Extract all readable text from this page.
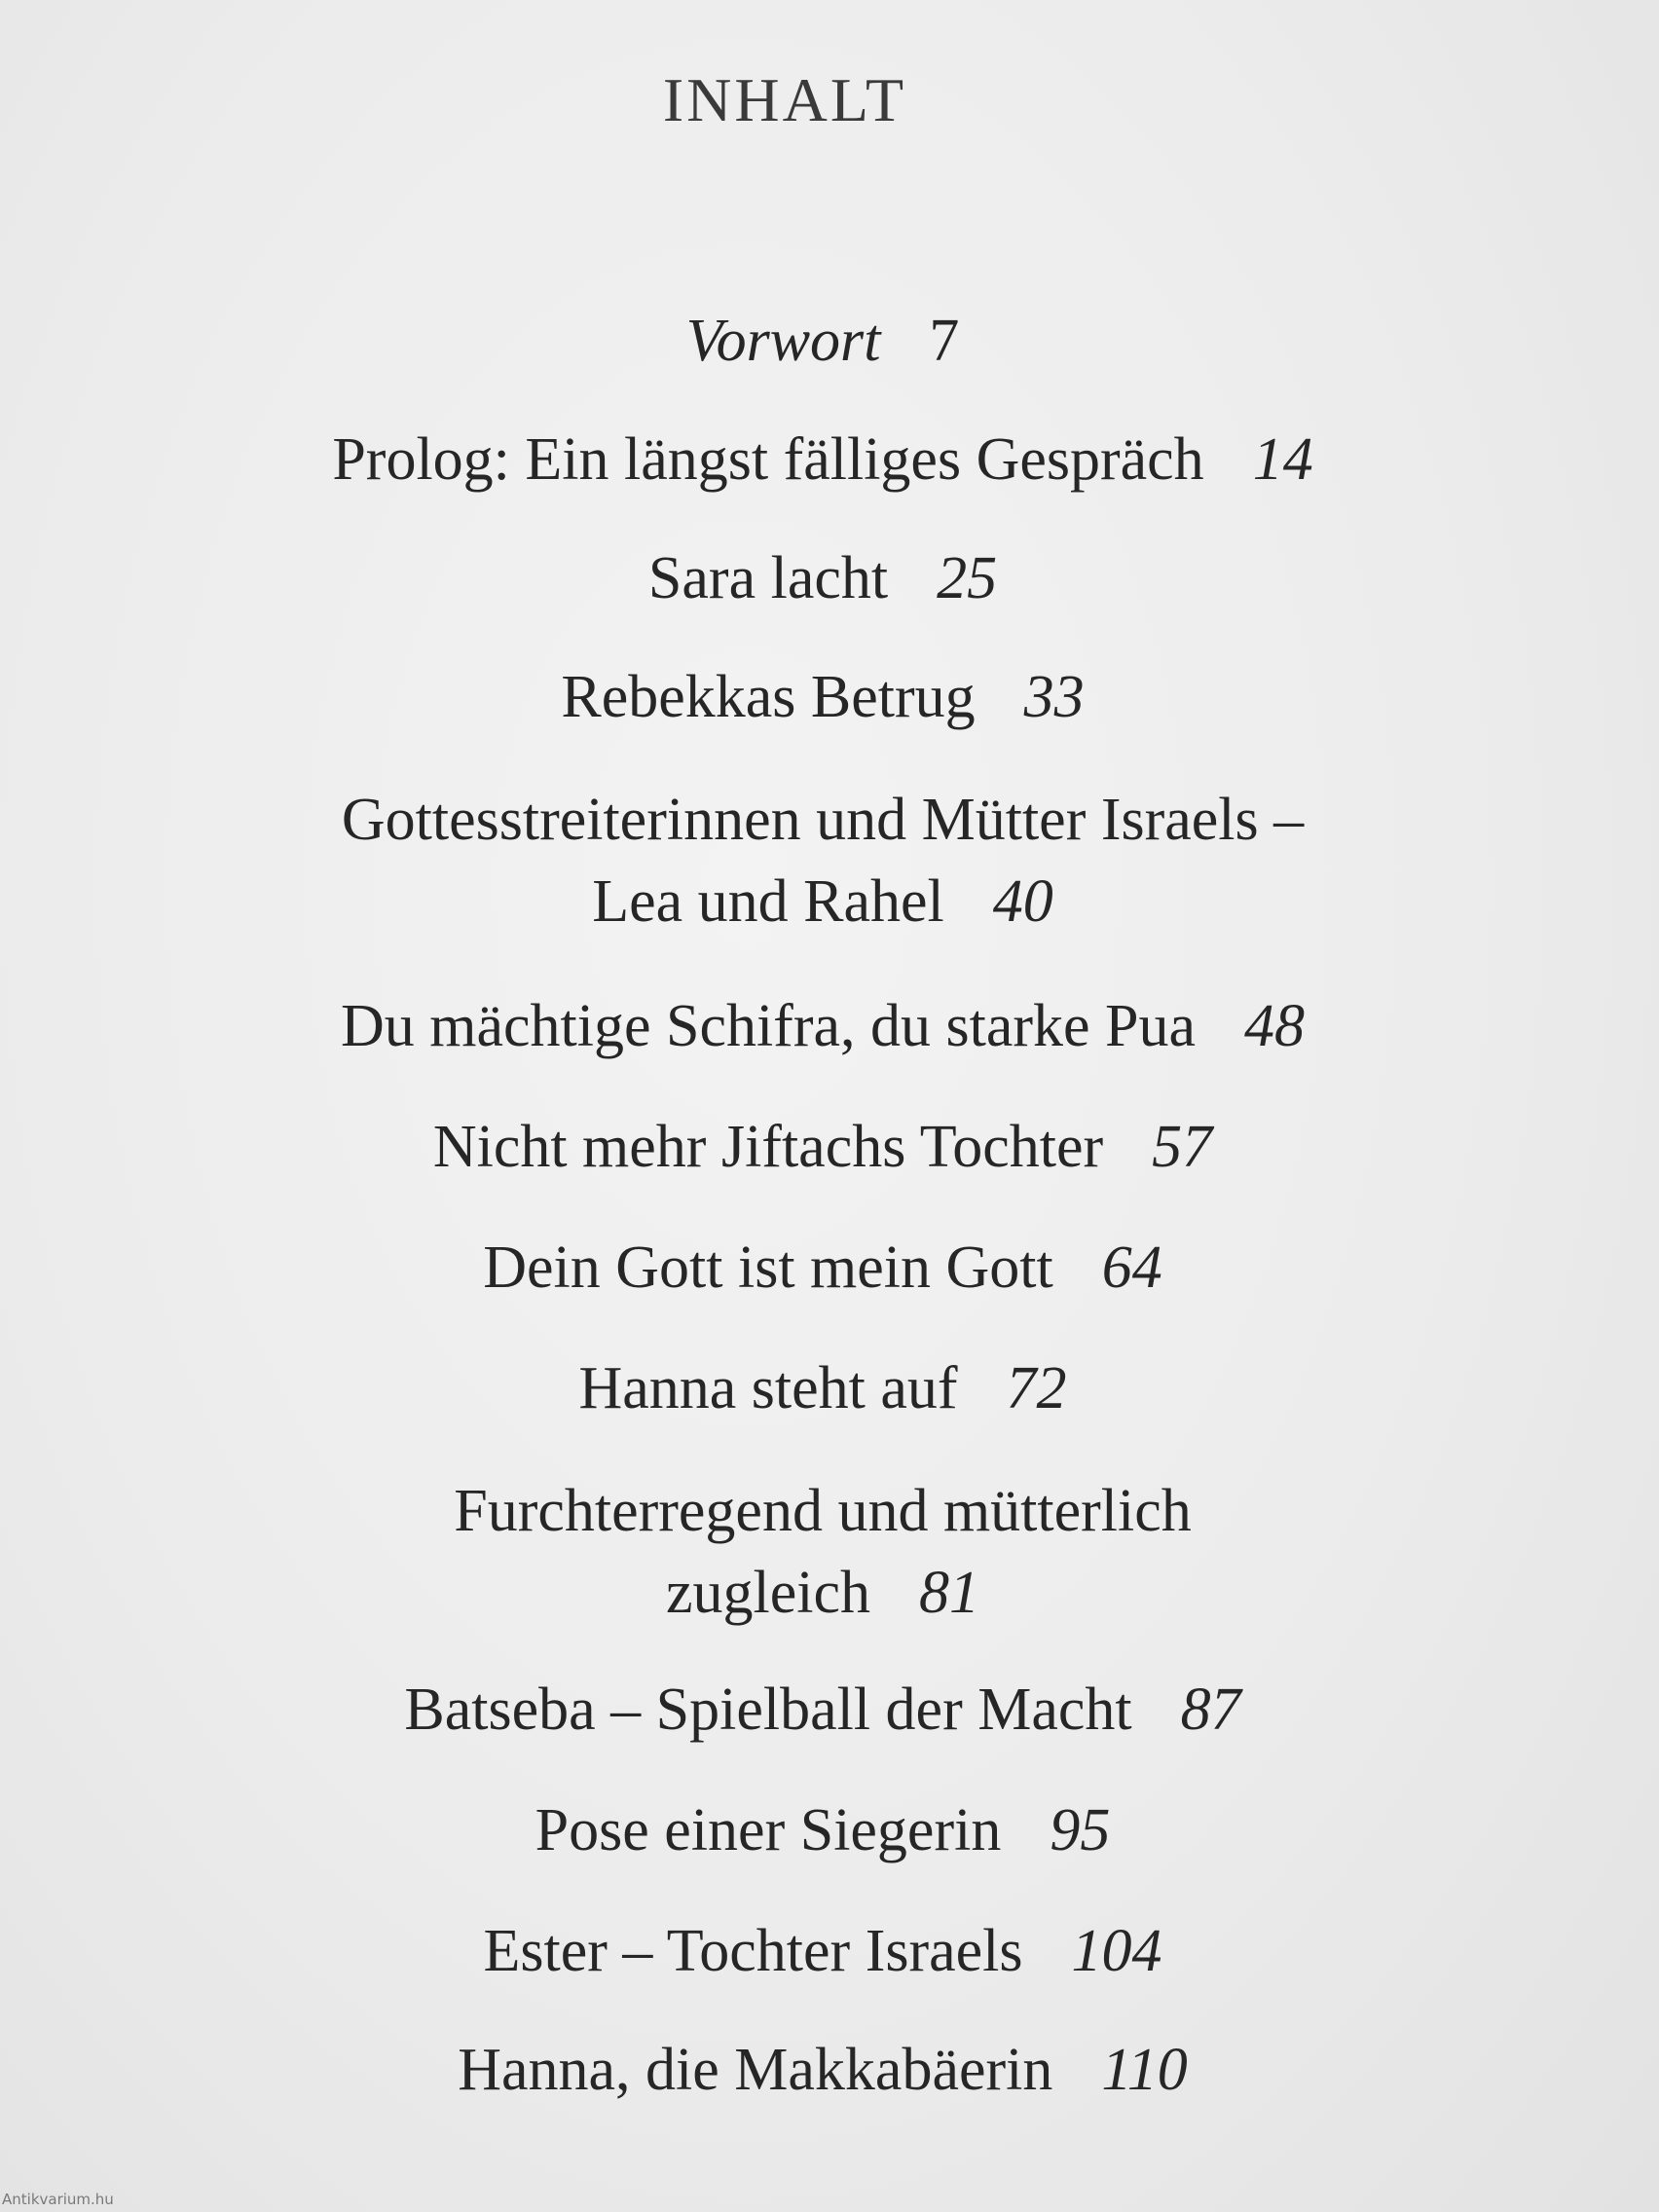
INHALT
Vorwort 7
Prolog: Ein längst fälliges Gespräch 14
Sara lacht 25
Rebekkas Betrug 33
Gottesstreiterinnen und Mütter Israels –
Lea und Rahel 40
Du mächtige Schifra, du starke Pua 48
Nicht mehr Jiftachs Tochter 57
Dein Gott ist mein Gott 64
Hanna steht auf 72
Furchterregend und mütterlich
zugleich 81
Batseba – Spielball der Macht 87
Pose einer Siegerin 95
Ester – Tochter Israels 104
Hanna, die Makkabäerin 110
Antikvarium.hu
